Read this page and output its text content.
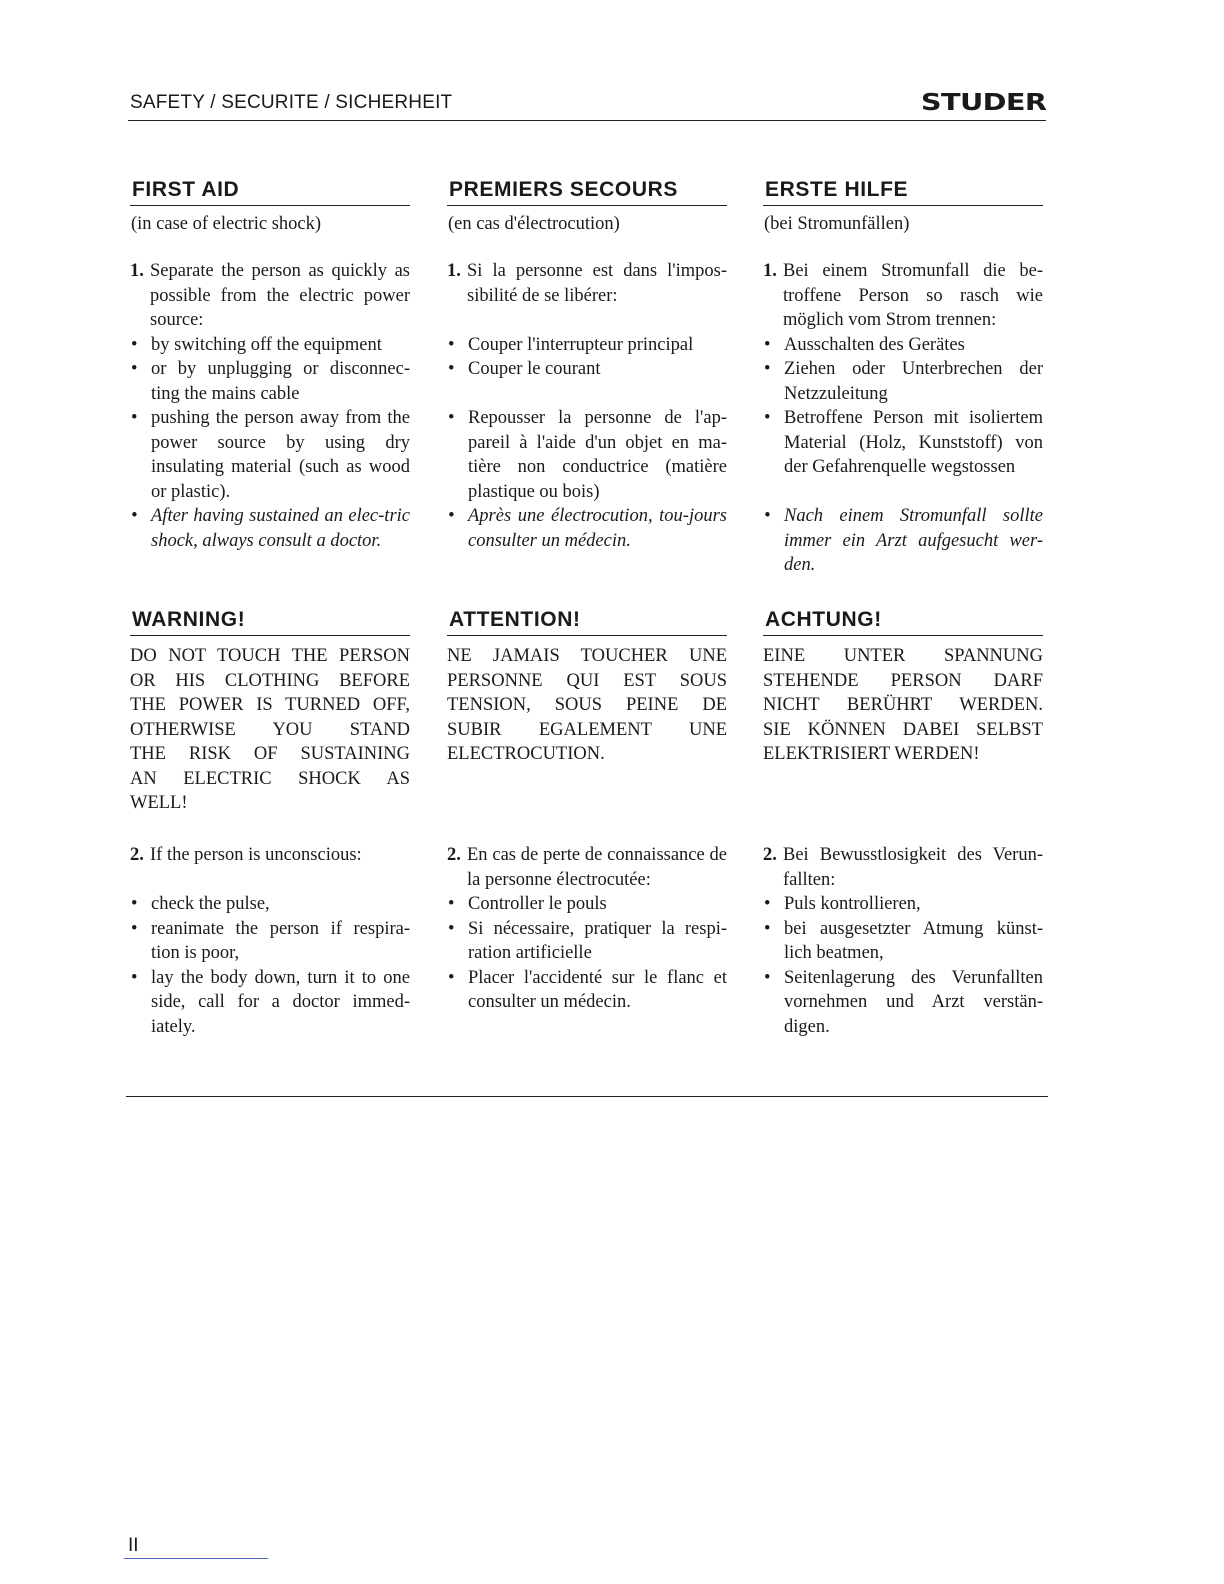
SAFETY / SECURITE / SICHERHEIT	STUDER
FIRST AID
(in case of electric shock)
1. Separate the person as quickly as possible from the electric power source:
• by switching off the equipment
• or by unplugging or disconnec-ting the mains cable
• pushing the person away from the power source by using dry insulating material (such as wood or plastic).
• After having sustained an elec-tric shock, always consult a doctor.
PREMIERS SECOURS
(en cas d'électrocution)
1. Si la personne est dans l'impos-sibilité de se libérer:
• Couper l'interrupteur principal
• Couper le courant
• Repousser la personne de l'ap-pareil à l'aide d'un objet en ma-tière non conductrice (matière plastique ou bois)
• Après une électrocution, tou-jours consulter un médecin.
ERSTE HILFE
(bei Stromunfällen)
1. Bei einem Stromunfall die be-troffene Person so rasch wie möglich vom Strom trennen:
• Ausschalten des Gerätes
• Ziehen oder Unterbrechen der Netzzuleitung
• Betroffene Person mit isoliertem Material (Holz, Kunststoff) von der Gefahrenquelle wegstossen
• Nach einem Stromunfall sollte immer ein Arzt aufgesucht wer-den.
WARNING!
DO NOT TOUCH THE PERSON
OR HIS CLOTHING BEFORE
THE POWER IS TURNED OFF,
OTHERWISE YOU STAND
THE RISK OF SUSTAINING
AN ELECTRIC SHOCK AS
WELL!
ATTENTION!
NE JAMAIS TOUCHER UNE
PERSONNE QUI EST SOUS
TENSION, SOUS PEINE DE
SUBIR EGALEMENT UNE
ELECTROCUTION.
ACHTUNG!
EINE UNTER SPANNUNG
STEHENDE PERSON DARF
NICHT BERÜHRT WERDEN.
SIE KÖNNEN DABEI SELBST
ELEKTRISIERT WERDEN!
2. If the person is unconscious:
• check the pulse,
• reanimate the person if respira-tion is poor,
• lay the body down, turn it to one side, call for a doctor immed-iately.
2. En cas de perte de connaissance de la personne électrocutée:
• Controller le pouls
• Si nécessaire, pratiquer la respi-ration artificielle
• Placer l'accidenté sur le flanc et consulter un médecin.
2. Bei Bewusstlosigkeit des Verun-fallten:
• Puls kontrollieren,
• bei ausgesetzter Atmung künst-lich beatmen,
• Seitenlagerung des Verunfallten vornehmen und Arzt verstän-digen.
II
